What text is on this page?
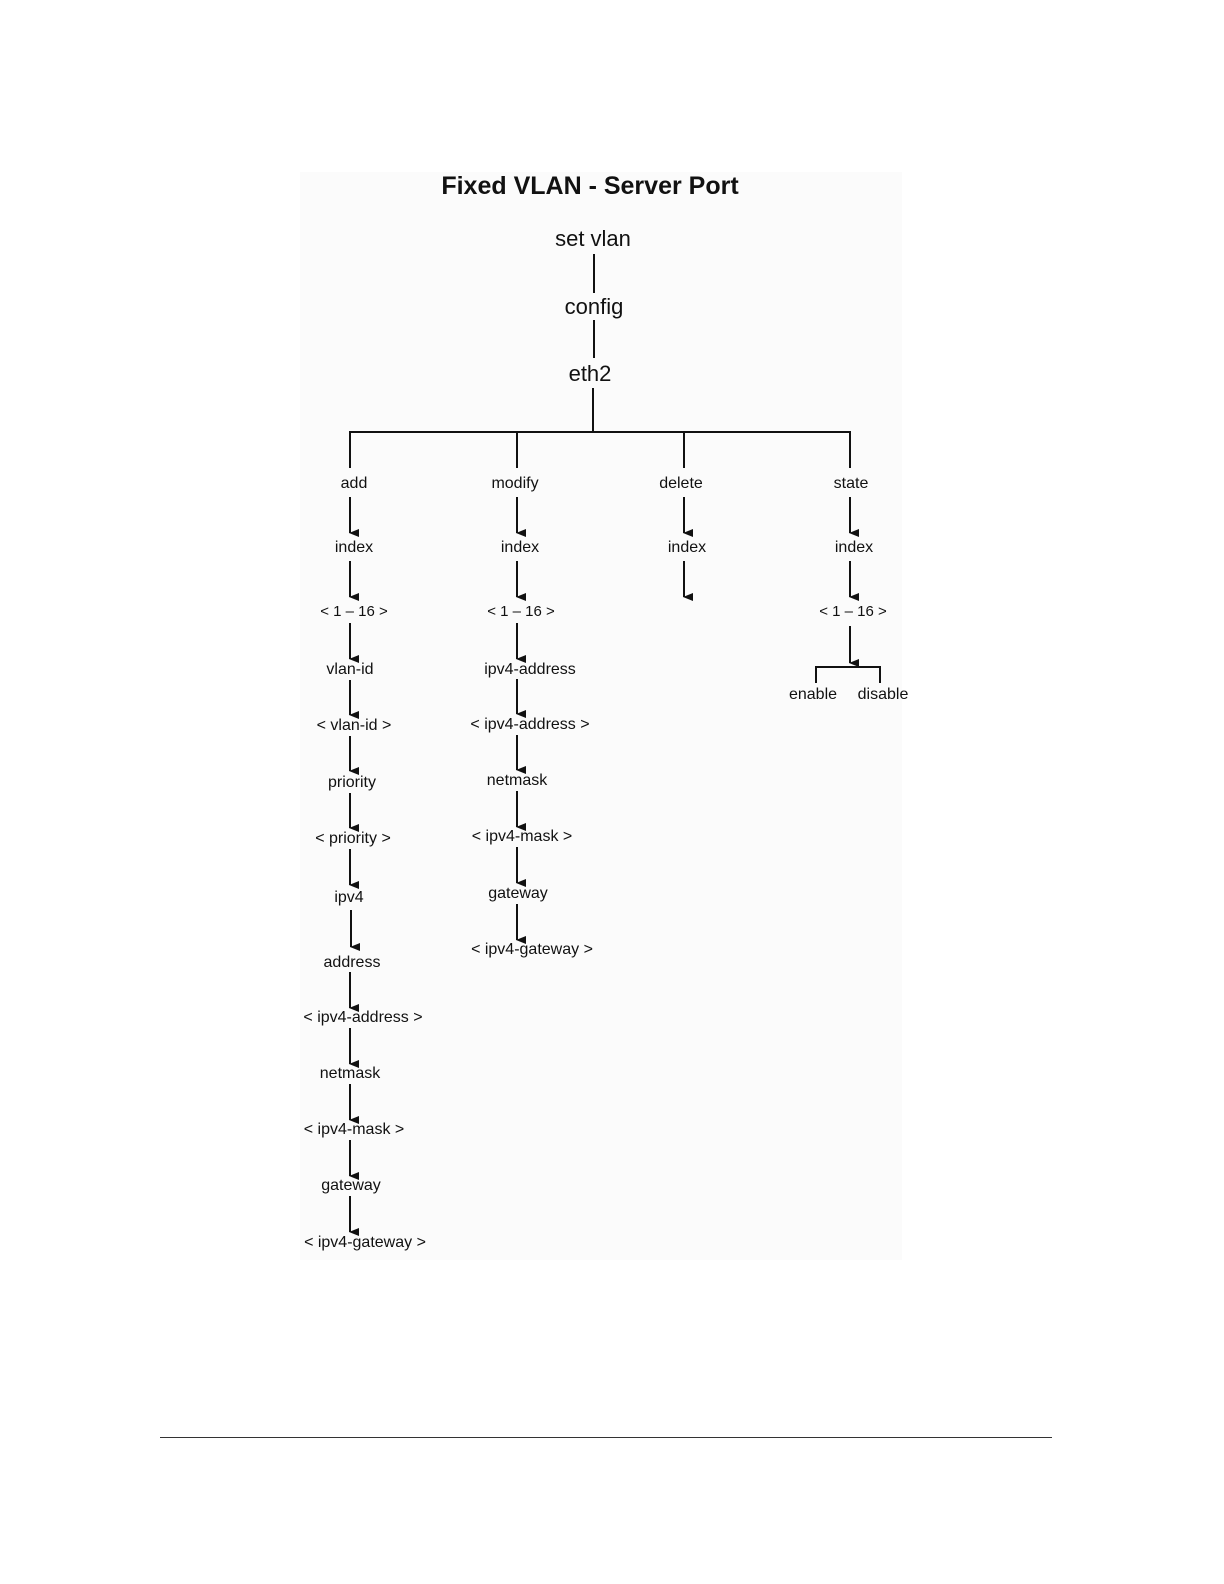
Fixed VLAN - Server Port
set vlan
config
eth2
add
index
< 1 – 16 >
vlan-id
< vlan-id >
priority
< priority >
ipv4
address
< ipv4-address >
netmask
< ipv4-mask >
gateway
< ipv4-gateway >
modify
index
< 1 – 16 >
ipv4-address
< ipv4-address >
netmask
< ipv4-mask >
gateway
< ipv4-gateway >
delete
index
state
index
< 1 – 16 >
enable disable
